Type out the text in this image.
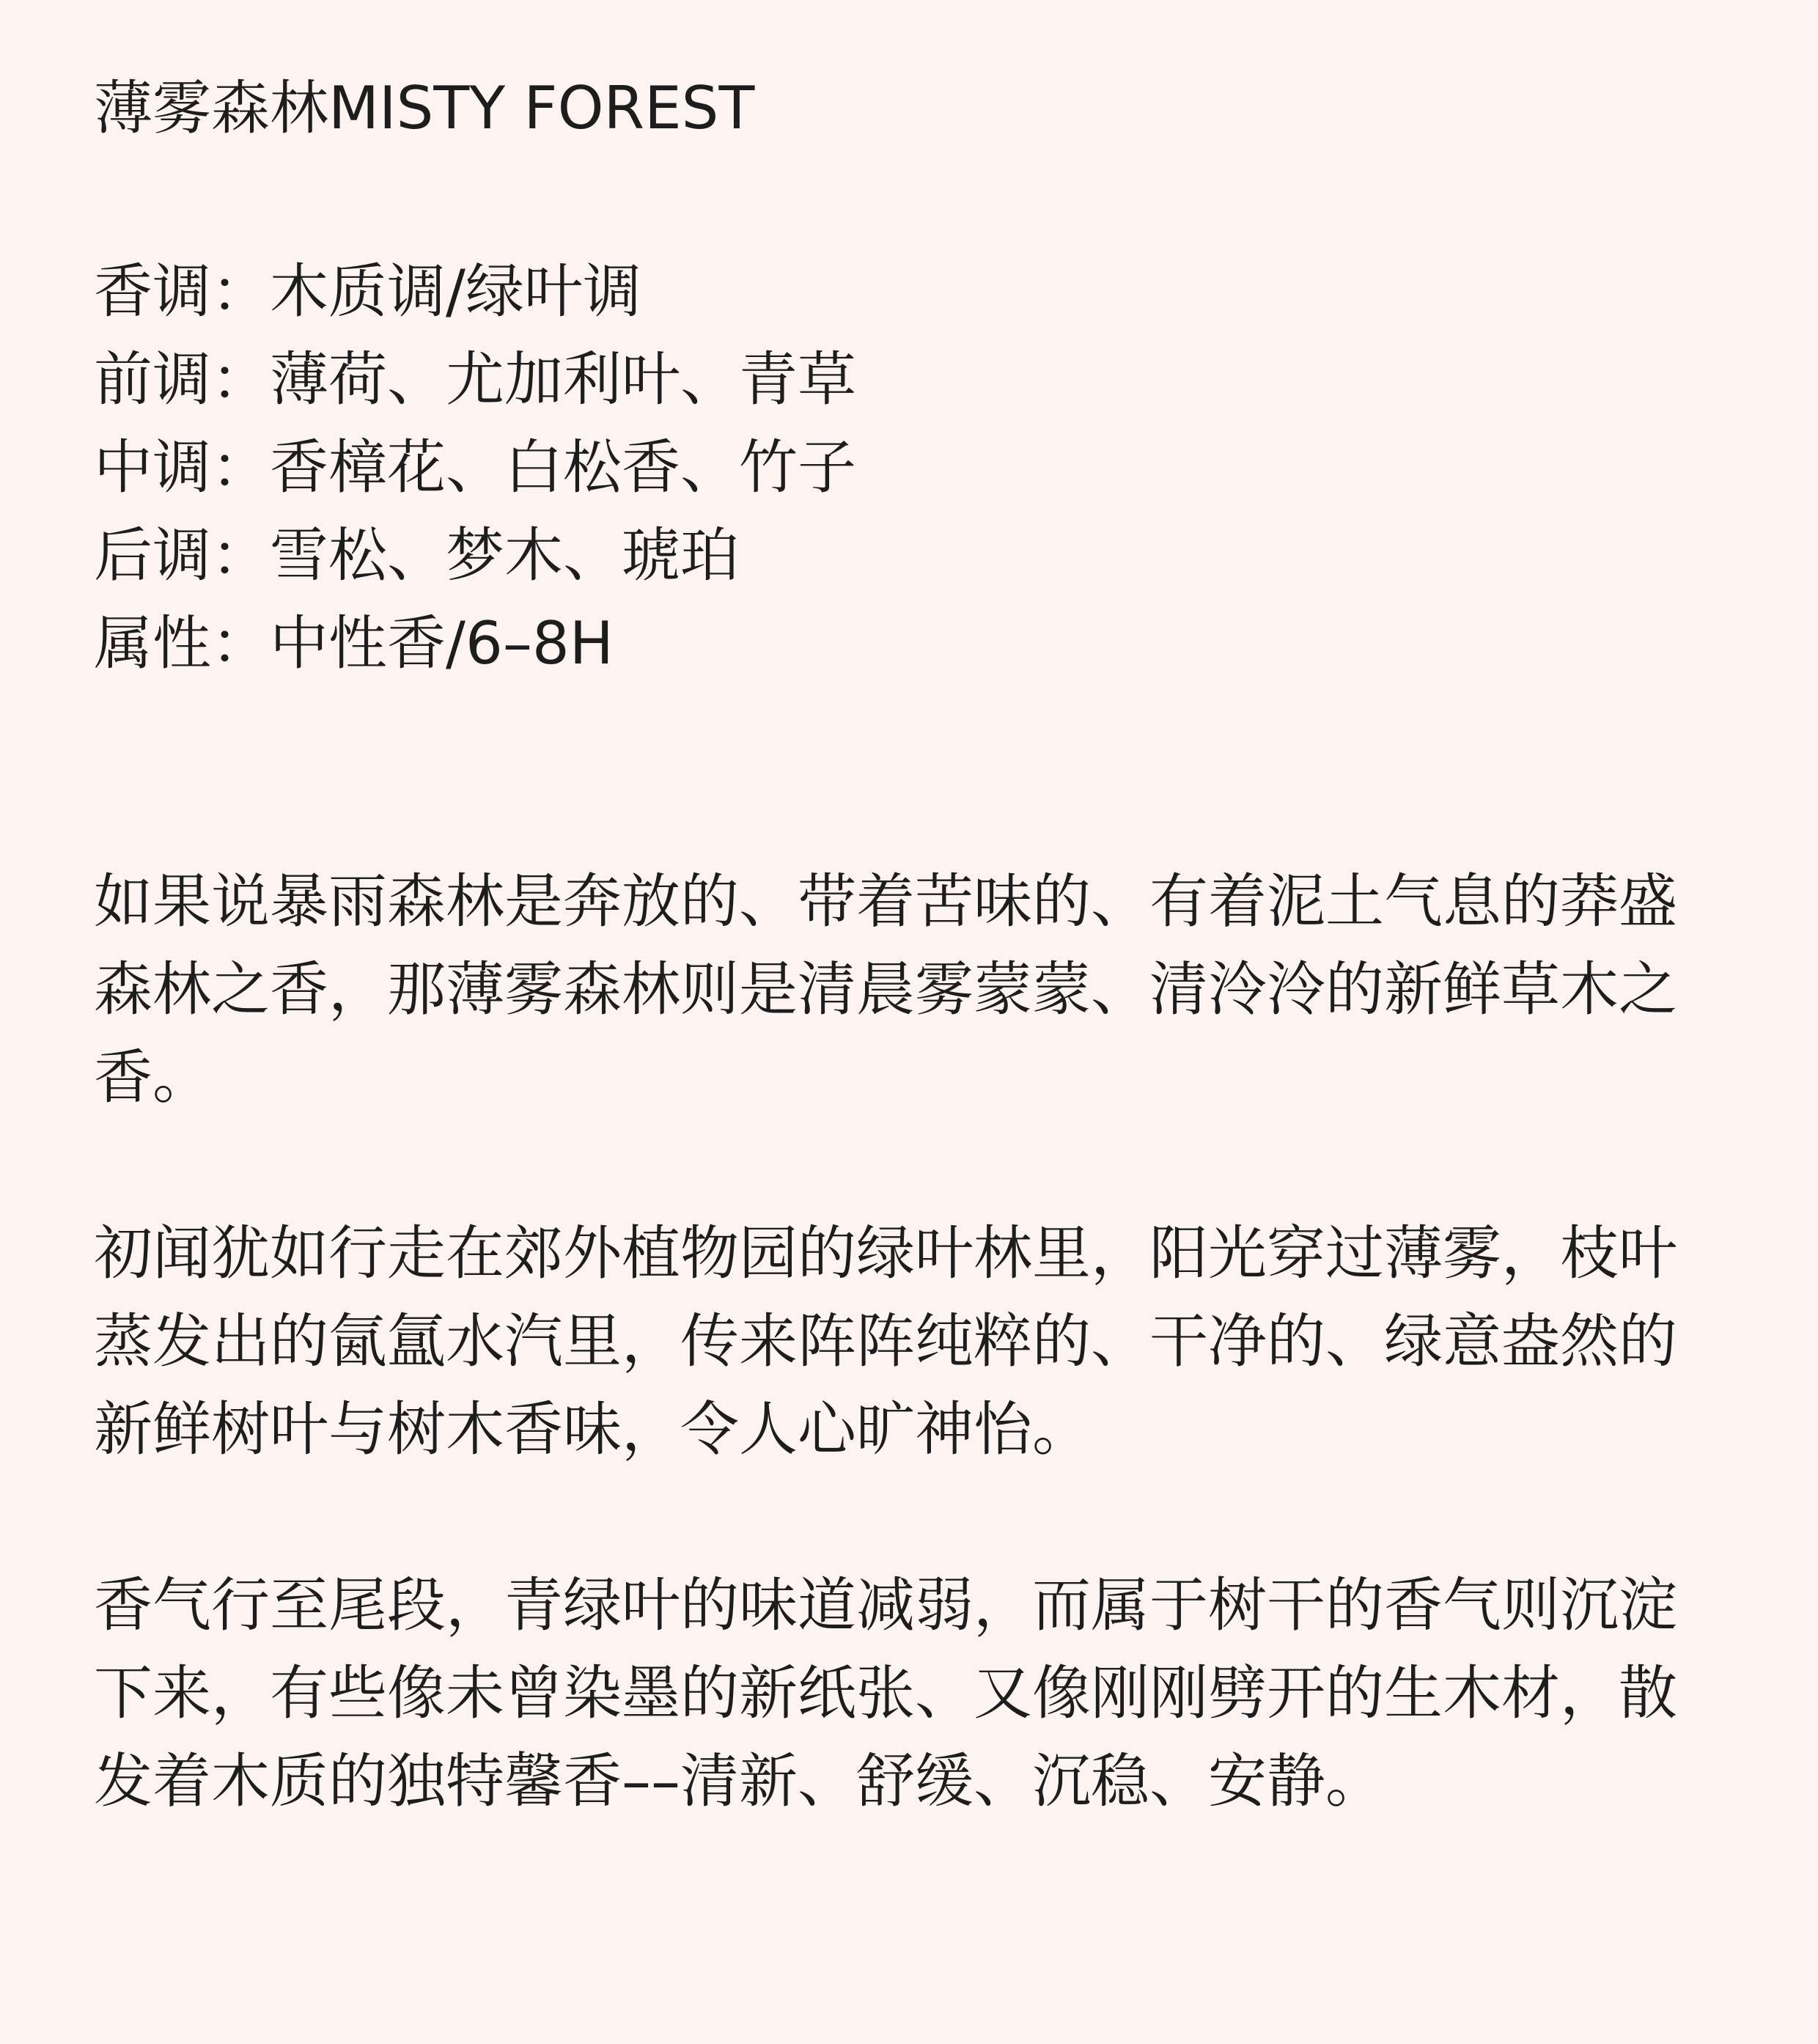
薄雾森林MISTY FOREST
香调：木质调/绿叶调
前调：薄荷、尤加利叶、青草
中调：香樟花、白松香、竹子
后调：雪松、梦木、琥珀
属性：中性香/6–8H
如果说暴雨森林是奔放的、带着苦味的、有着泥土气息的莽盛森林之香，那薄雾森林则是清晨雾蒙蒙、清泠泠的新鲜草木之香。
初闻犹如行走在郊外植物园的绿叶林里，阳光穿过薄雾，枝叶蒸发出的氤氲水汽里，传来阵阵纯粹的、干净的、绿意盎然的新鲜树叶与树木香味，令人心旷神怡。
香气行至尾段，青绿叶的味道减弱，而属于树干的香气则沉淀下来，有些像未曾染墨的新纸张、又像刚刚劈开的生木材，散发着木质的独特馨香––清新、舒缓、沉稳、安静。
